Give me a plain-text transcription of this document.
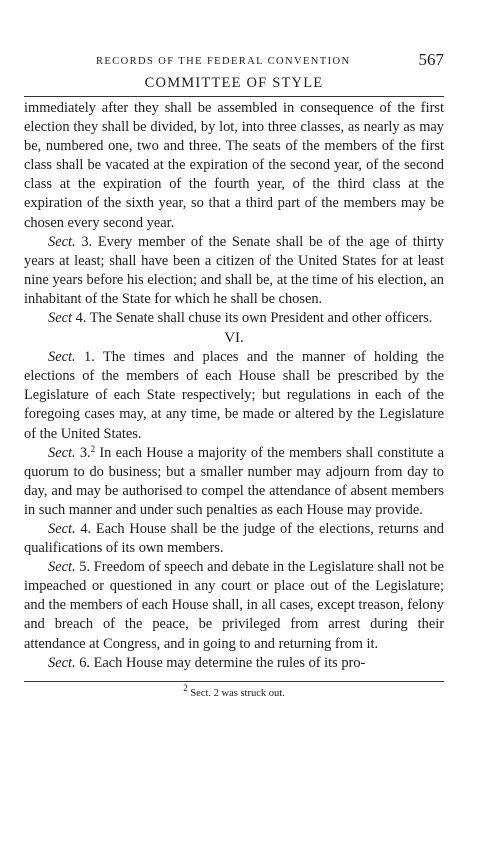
RECORDS OF THE FEDERAL CONVENTION	567
COMMITTEE OF STYLE

immediately after they shall be assembled in consequence of the first election they shall be divided, by lot, into three classes, as nearly as may be, numbered one, two and three. The seats of the members of the first class shall be vacated at the expiration of the second year, of the second class at the expiration of the fourth year, of the third class at the expiration of the sixth year, so that a third part of the members may be chosen every second year.

Sect. 3. Every member of the Senate shall be of the age of thirty years at least; shall have been a citizen of the United States for at least nine years before his election; and shall be, at the time of his election, an inhabitant of the State for which he shall be chosen.

Sect 4. The Senate shall chuse its own President and other officers.

VI.

Sect. 1. The times and places and the manner of holding the elections of the members of each House shall be prescribed by the Legislature of each State respectively; but regulations in each of the foregoing cases may, at any time, be made or altered by the Legislature of the United States.

Sect. 3.$^2$ In each House a majority of the members shall constitute a quorum to do business; but a smaller number may adjourn from day to day, and may be authorised to compel the attendance of absent members in such manner and under such penalties as each House may provide.

Sect. 4. Each House shall be the judge of the elections, returns and qualifications of its own members.

Sect. 5. Freedom of speech and debate in the Legislature shall not be impeached or questioned in any court or place out of the Legislature; and the members of each House shall, in all cases, except treason, felony and breach of the peace, be privileged from arrest during their attendance at Congress, and in going to and returning from it.

Sect. 6. Each House may determine the rules of its pro-

2 Sect. 2 was struck out.
